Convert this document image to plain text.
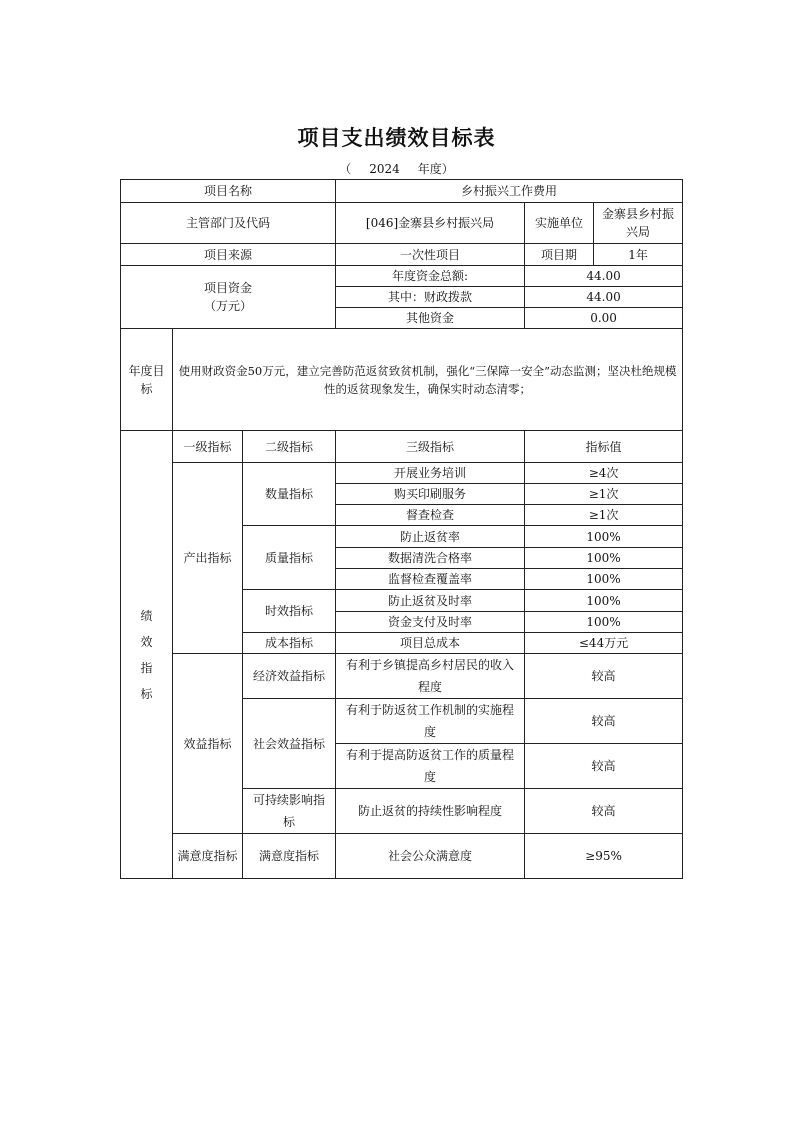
项目支出绩效目标表
（ 2024 年度）
项目名称			乡村振兴工作费用		
主管部门及代码			[046]金寨县乡村振兴局	实施单位	金寨县乡村振兴局
项目来源			一次性项目	项目期	1年

项目资金
（万元）			年度资金总额:	44.00	
			其中：财政拨款	44.00	
			其他资金	0.00	
年度目标	使用财政资金50万元，建立完善防范返贫致贫机制，强化“三保障一安全”动态监测；坚决杜绝规模性的返贫现象发生，确保实时动态清零；				

绩效指标	一级指标	二级指标	三级指标	指标值	
	产出指标	数量指标	开展业务培训	≥4次	
			购买印刷服务	≥1次	
			督查检查	≥1次	
		质量指标	防止返贫率	100%	
			数据清洗合格率	100%	
			监督检查覆盖率	100%	
		时效指标	防止返贫及时率	100%	
			资金支付及时率	100%	
		成本指标	项目总成本	≤44万元	
	效益指标	经济效益指标	有利于乡镇提高乡村居民的收入程度	较高	

		社会效益指标	有利于防返贫工作机制的实施程度	较高	

			有利于提高防返贫工作的质量程度	较高	

		可持续影响指标	防止返贫的持续性影响程度	较高	

	满意度指标	满意度指标	社会公众满意度	≥95%	
